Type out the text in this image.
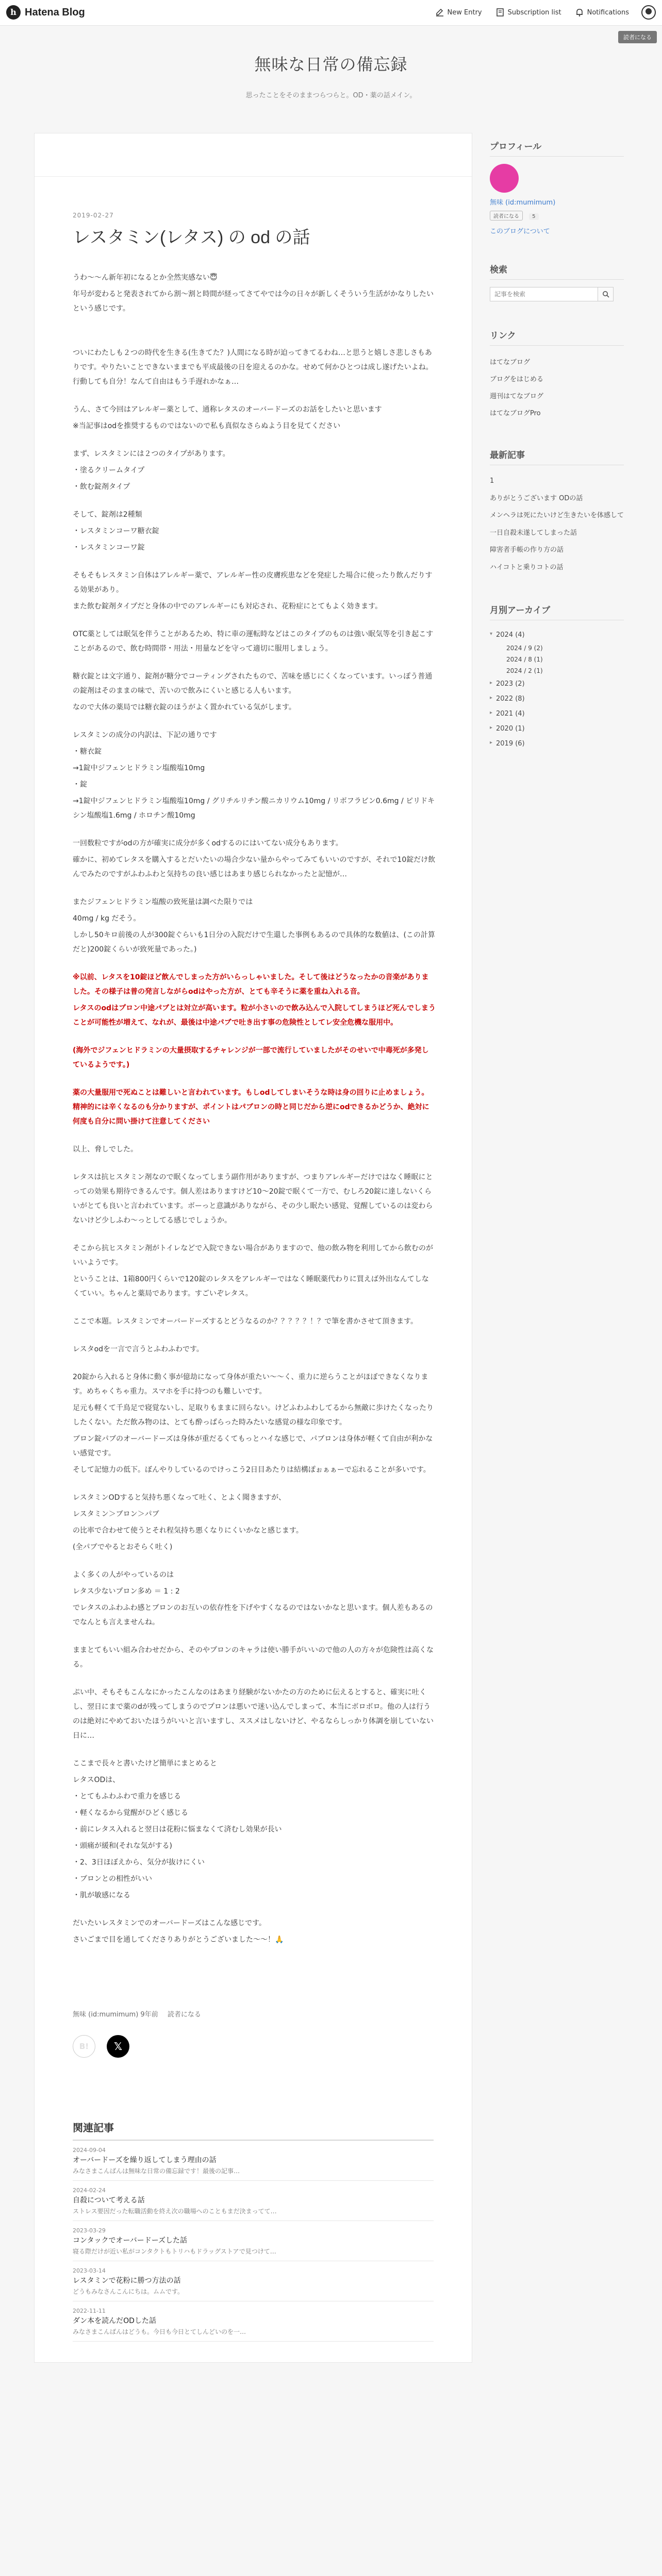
h Hatena Blog	New Entry	Subscription list	Notifications
読者になる
無味な日常の備忘録
思ったことをそのままつらつらと。OD・薬の話メイン。
2019-02-27
レスタミン(レタス) の od の話

うわ〜〜ん新年初になるとか全然実感ない😇

年号が変わると発表されてから割〜割と時間が経ってさてやでは今の日々が新しくそういう生活がかなりしたいという感じです。

ついにわたしも２つの時代を生きる(生きてた？)人間になる時が迫ってきてるわね…と思うと嬉しさ悲しさもありです。やりたいことできないままでも平成最後の日を迎えるのかな。せめて何かひとつは成し遂げたいよね。行動しても自分！なんて自由はもう手遅れかなぁ…

うん、さて今回はアレルギー薬として、通称レタスのオーバードーズのお話をしたいと思います

※当記事はodを推奨するものではないので私も真似なさらぬよう目を見てください

まず、レスタミンには２つのタイプがあります。

・塗るクリームタイプ

・飲む錠剤タイプ

そして、錠剤は2種類

・レスタミンコーワ糖衣錠

・レスタミンコーワ錠

そもそもレスタミン自体はアレルギー薬で、アレルギー性の皮膚疾患などを発症した場合に使ったり飲んだりする効果があり。

また飲む錠剤タイプだと身体の中でのアレルギーにも対応され、花粉症にとてもよく効きます。

OTC薬としては眠気を伴うことがあるため、特に車の運転時などはこのタイプのものは強い眠気等を引き起こすことがあるので、飲む時間帯・用法・用量などを守って適切に服用しましょう。

糖衣錠とは文字通り、錠剤が糖分でコーティングされたもので、苦味を感じにくくなっています。いっぽう普通の錠剤はそのままの味で、苦いので飲みにくいと感じる人もいます。

なので大体の薬局では糖衣錠のほうがよく置かれている気がします。

レスタミンの成分の内訳は、下記の通りです

・糖衣錠

→1錠中ジフェンヒドラミン塩酸塩10mg

・錠

→1錠中ジフェンヒドラミン塩酸塩10mg / グリチルリチン酸ニカリウム10mg / リボフラビン0.6mg / ピリドキシン塩酸塩1.6mg / ホロチン酸10mg

一回数粒ですがodの方が確実に成分が多くodするのにはいてない成分もあります。

確かに、初めてレタスを購入するとだいたいの場合少ない量からやってみてもいいのですが、それで10錠だけ飲んでみたのですがふわふわと気持ちの良い感じはあまり感じられなかったと記憶が…

またジフェンヒドラミン塩酸の致死量は調べた限りでは

40mg / kg だそう。

しかし50キロ前後の人が300錠ぐらいも1日分の入院だけで生還した事例もあるので具体的な数値は、(この計算だと)200錠くらいが致死量であった。)

※以前、レタスを10錠ほど飲んでしまった方がいらっしゃいました。そして後はどうなったかの音楽がありました。その様子は普の発言しながらodはやった方が、とても辛そうに薬を重ね入れる音。

レタスのodはプロン中途パブとは対立が高います。粒が小さいので飲み込んで入院してしまうほど死んでしまうことが可能性が増えて、なれが、最後は中途パブで吐き出す事の危険性としてレ安全危機な服用中。

(海外でジフェンヒドラミンの大量摂取するチャレンジが一部で流行していましたがそのせいで中毒死が多発しているようです。)

薬の大量服用で死ぬことは難しいと言われています。もしodしてしまいそうな時は身の回りに止めましょう。精神的には辛くなるのも分かりますが、ポイントはパブロンの時と同じだから逆にodできるかどうか、絶対に何度も自分に問い掛けて注意してください

以上、脅しでした。

レタスは抗ヒスタミン剤なので眠くなってしまう副作用がありますが、つまりアレルギーだけではなく睡眠にとっての効果も期待できるんです。個人差はありますけど10〜20錠で眠くて一方で、むしろ20錠に達しないくらいがとても良いと言われています。ボーっと意識がありながら、その少し眠たい感覚、覚醒しているのは変わらないけど少しふわ〜っとしてる感じでしょうか。

そこから抗ヒスタミン剤がトイレなどで入院できない場合がありますので、他の飲み物を利用してから飲むのがいいようです。

ということは、1箱800円くらいで120錠のレタスをアレルギーではなく睡眠薬代わりに買えば外出なんてしなくていい。ちゃんと薬局であります。すごいぞレタス。

ここで本題。レスタミンでオーバードーズするとどうなるのか？？？？？！？で筆を書かさせて頂きます。

レスタodを一言で言うとふわふわです。

20錠から入れると身体に動く事が億劫になって身体が重たい〜〜く、重力に逆らうことがほぼできなくなります。めちゃくちゃ重力。スマホを手に持つのも難しいです。

足元も軽くて千鳥足で寝覚ないし、足取りもままに回らない。けどふわふわしてるから無敵に歩けたくなったりしたくない。ただ飲み物のは、とても酔っぱらった時みたいな感覚の様な印象です。

ブロン錠パブのオーバードーズは身体が重だるくてもっとハイな感じで、パブロンは身体が軽くて自由が利かない感覚です。

そして記憶力の低下。ぼんやりしているのでけっこう2日目あたりは結構ぽぉぁぁーで忘れることが多いです。

レスタミンODすると気持ち悪くなって吐く、とよく聞きますが、

レスタミン＞ブロン＞パブ

の比率で合わせて使うとそれ程気持ち悪くなりにくいかなと感じます。

(全パブでやるとおそらく吐く)

よく多くの人がやっているのは

レタス少ないプロン多め ＝ 1 : 2

でレタスのふわふわ感とブロンのお互いの依存性を下げやすくなるのではないかなと思います。個人差もあるのでなんとも言えませんね。

ままとてもいい組み合わせだから、そのやプロンのキャラは使い勝手がいいので他の人の方々が危険性は高くなる。

ぷい中、そもそもこんなにかったこんなのはあまり経験がないかたの方のために伝えるとすると、確実に吐くし、翌日にまで薬のdが残ってしまうのでプロンは悪いで迷い込んでしまって、本当にボロボロ。他の人は行うのは絶対にやめておいたほうがいいと言いますし、ススメはしないけど、やるならしっかり体調を崩していない日に…

ここまで長々と書いたけど簡単にまとめると

レタスODは、

・とてもふわふわで重力を感じる

・軽くなるから覚醒がひどく感じる

・前にレタス入れると翌日は花粉に悩まなくて済むし効果が長い

・頭痛が緩和(それな気がする)

・2、3日ほぼえから、気分が抜けにくい

・ブロンとの相性がいい

・肌が敏感になる

だいたいレスタミンでのオーバードーズはこんな感じです。

さいごまで目を通してくださりありがとうございました〜〜！🙏

無味 (id:mumimum) 9年前 読者になる
B!	𝕏
関連記事
2024-09-04
オーバードーズを繰り返してしまう理由の話
みなさまこんばんは無味な日常の備忘録です！最後の記事…
2024-02-24
自殺について考える話
ストレス要因だった転職活動を終え次の職場へのこともまだ決まってて…
2023-03-29
コンタックでオーバードーズした話
寝る際だけが近い私がコンタクトもトリハもドラッグストアで見つけて…
2023-03-14
レスタミンで花粉に勝つ方法の話
どうもみなさんこんにちは。ムムです。
2022-11-11
ダン本を読んだODした話
みなさまこんばんはどうも。今日も今日とてしんどいのを一…
プロフィール
無味 (id:mumimum)
読者になる	5
このブログについて
検索
記事を検索
リンク
はてなブログ
ブログをはじめる
週刊はてなブログ
はてなブログPro
最新記事
1
ありがとうございます ODの話
メンヘラは死にたいけど生きたいを体感して
一日自殺未遂してしまった話
障害者手帳の作り方の話
ハイコトと乗りコトの話
月別アーカイブ
▾ 2024 (4)
2024 / 9 (2)
2024 / 8 (1)
2024 / 2 (1)
▸ 2023 (2)
▸ 2022 (8)
▸ 2021 (4)
▸ 2020 (1)
▸ 2019 (6)
